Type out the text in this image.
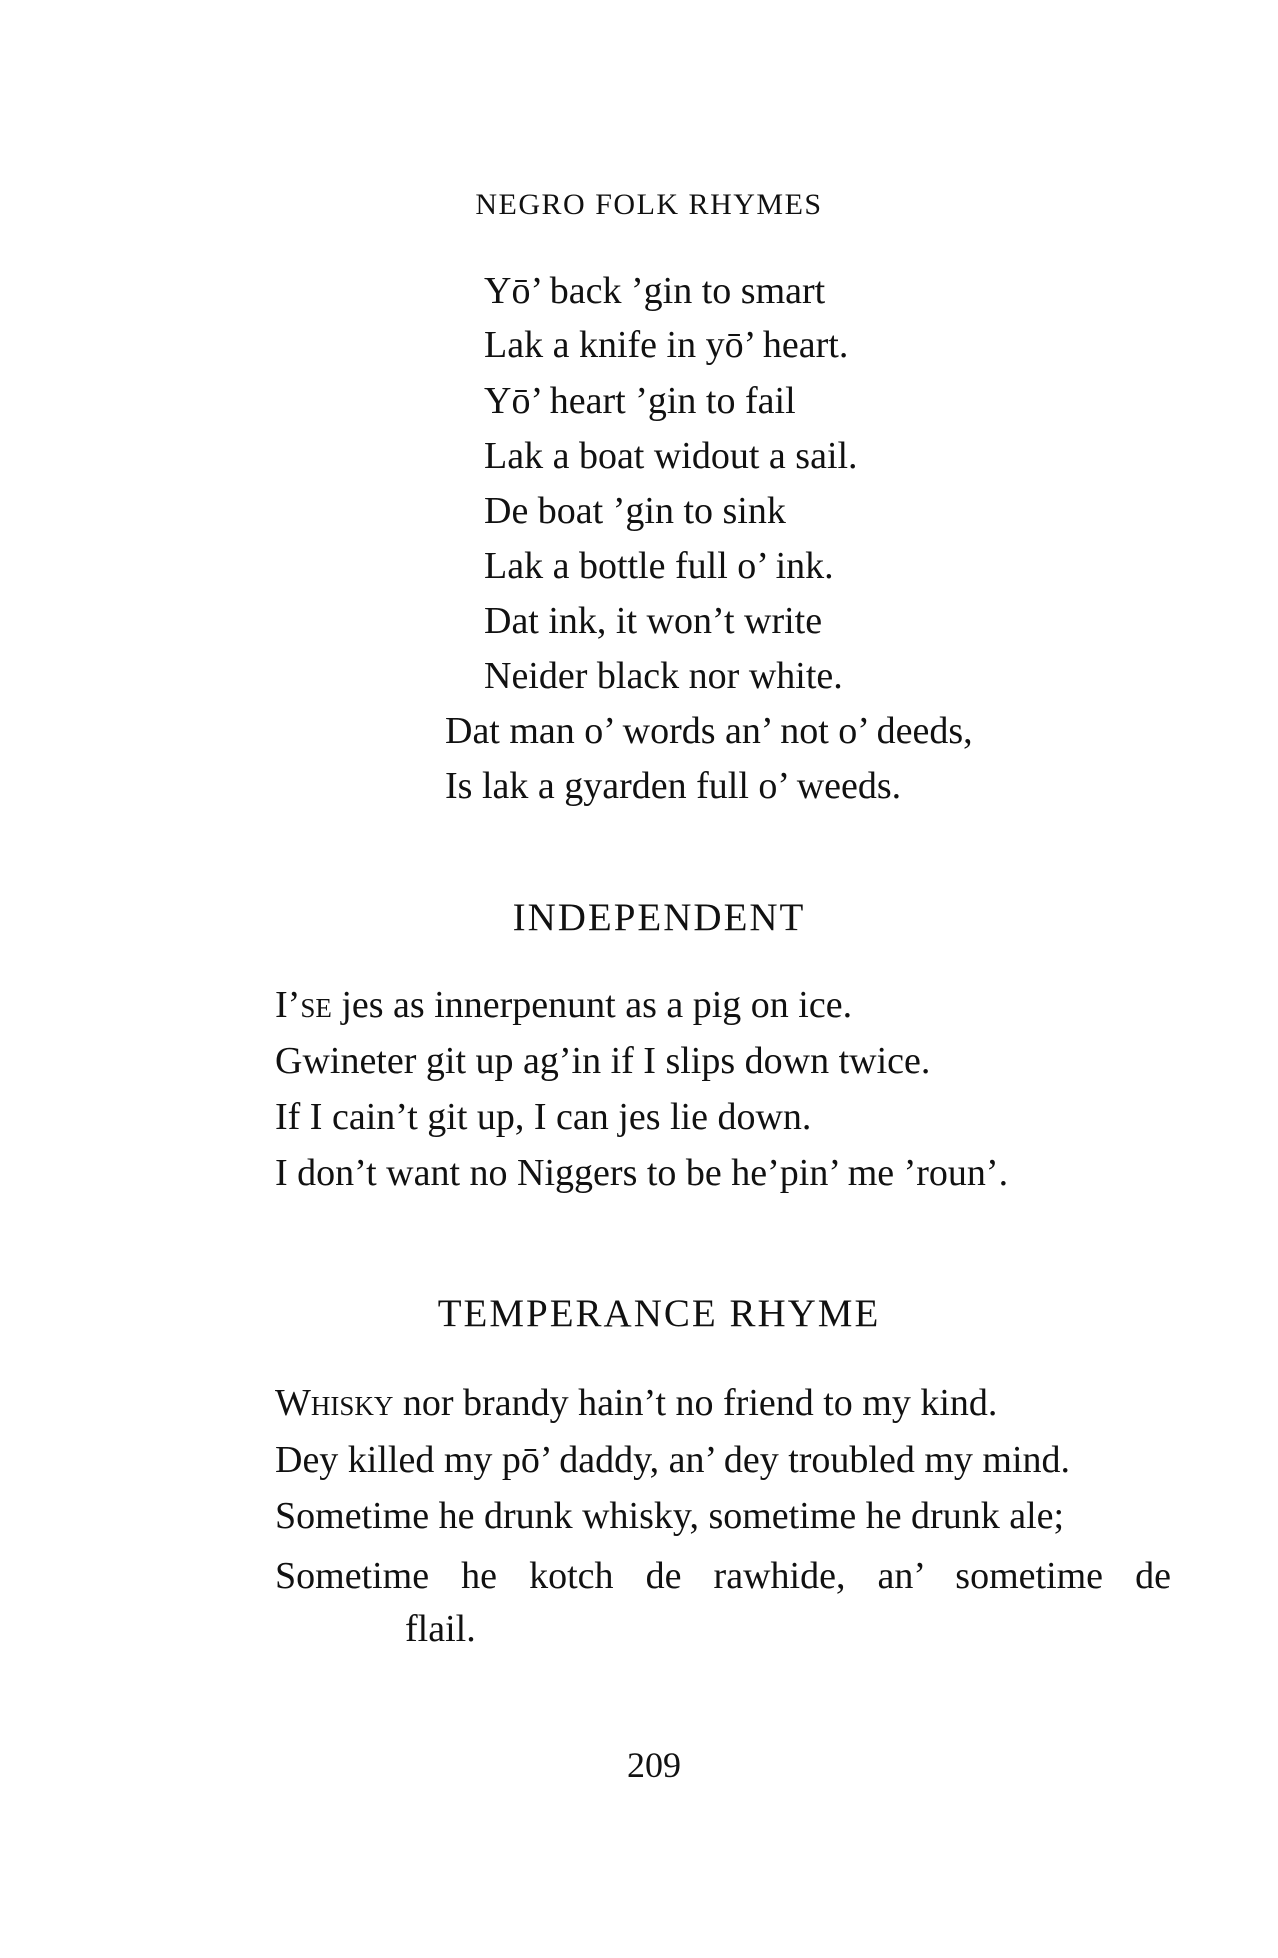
NEGRO FOLK RHYMES
Yō’ back ’gin to smart
Lak a knife in yō’ heart.
Yō’ heart ’gin to fail
Lak a boat widout a sail.
De boat ’gin to sink
Lak a bottle full o’ ink.
Dat ink, it won’t write
Neider black nor white.
Dat man o’ words an’ not o’ deeds,
Is lak a gyarden full o’ weeds.
INDEPENDENT
I’se jes as innerpenunt as a pig on ice.
Gwineter git up ag’in if I slips down twice.
If I cain’t git up, I can jes lie down.
I don’t want no Niggers to be he’pin’ me ’roun’.
TEMPERANCE RHYME
Whisky nor brandy hain’t no friend to my kind.
Dey killed my pō’ daddy, an’ dey troubled my mind.
Sometime he drunk whisky, sometime he drunk ale;
Sometime he kotch de rawhide, an’ sometime de
flail.
209
